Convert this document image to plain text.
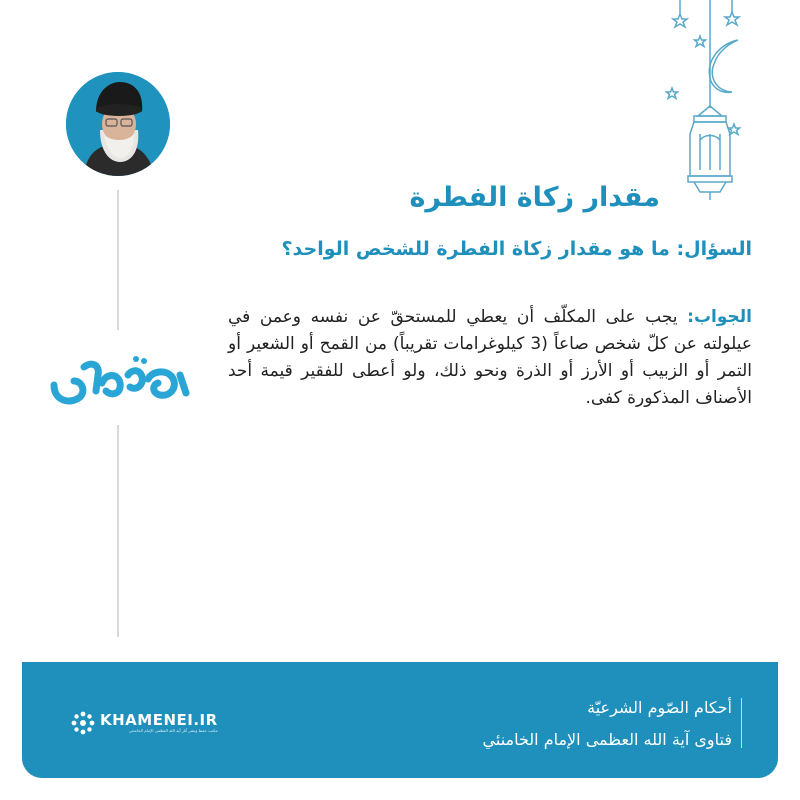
مقدار زكاة الفطرة
السؤال: ما هو مقدار زكاة الفطرة للشخص الواحد؟
الجواب: يجب على المكلّف أن يعطي للمستحقّ عن نفسه وعمن في عيلولته عن كلّ شخص صاعاً (3 كيلوغرامات تقريباً) من القمح أو الشعير أو التمر أو الزبيب أو الأرز أو الذرة ونحو ذلك، ولو أعطى للفقير قيمة أحد الأصناف المذكورة كفى.
أحكام الصّوم الشرعيّة
فتاوى آية الله العظمى الإمام الخامنئي
KHAMENEI.IR
مكتب حفظ ونشر آثار آية الله العظمى الإمام الخامنئي
